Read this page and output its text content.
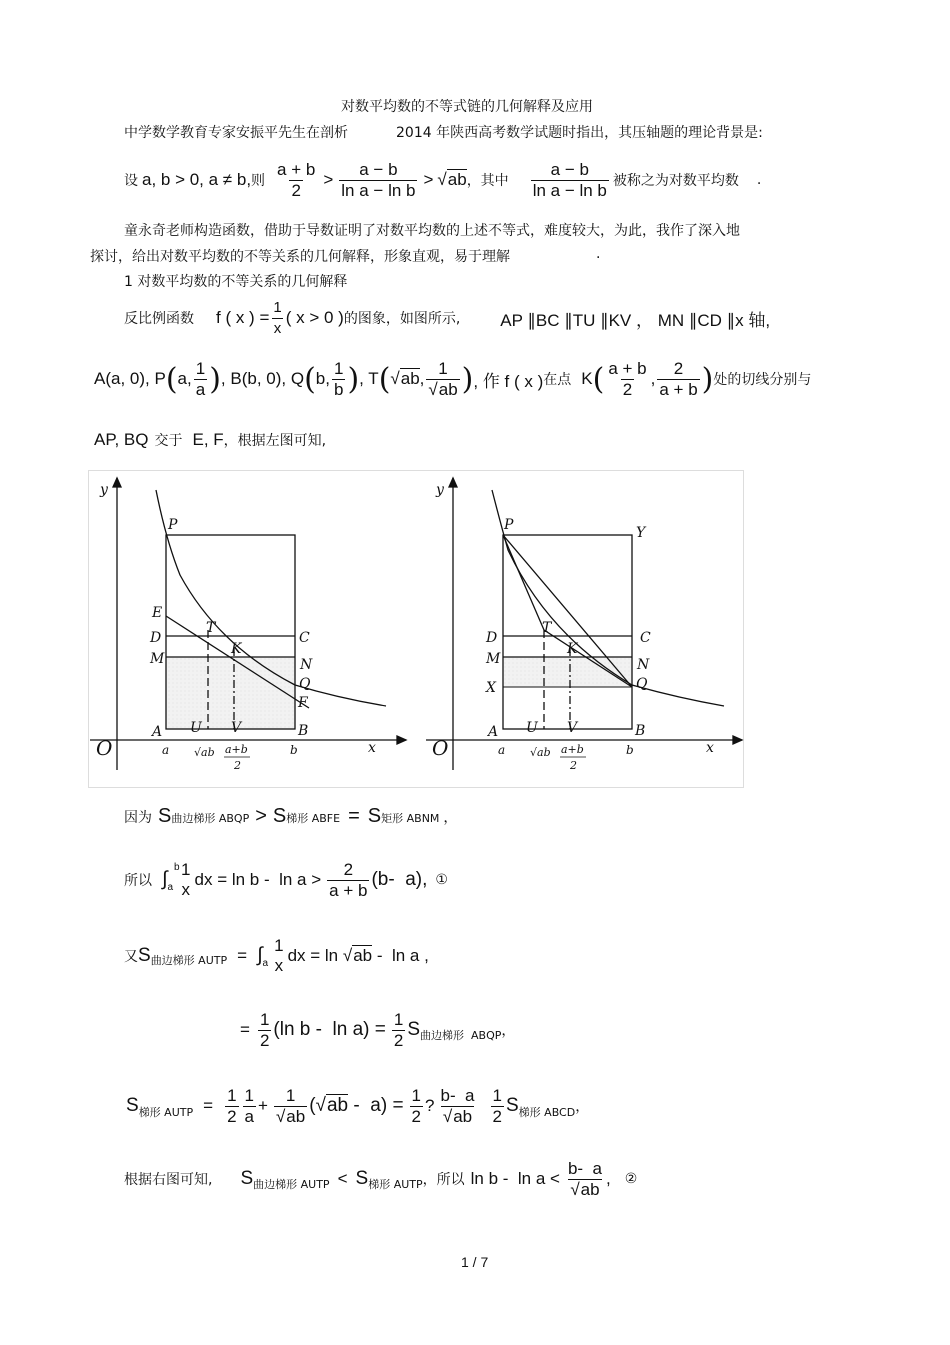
对数平均数的不等式链的几何解释及应用
中学数学教育专家安振平先生在剖析	2014 年陕西高考数学试题时指出，其压轴题的理论背景是:
设 a, b > 0, a ≠ b, 则 $\frac{a + b}{2} > \frac{a - b}{\text{ln a − ln b}}$ > √ ab ，其中 $\frac{a - b}{\text{ln a − ln b}}$ 被称之为对数平均数 .
童永奇老师构造函数，借助于导数证明了对数平均数的上述不等式，难度较大，为此，我作了深入地
探讨，给出对数平均数的不等关系的几何解释，形象直观，易于理解	.
1 对数平均数的不等关系的几何解释
反比例函数 f ( x ) = $\frac{1}{x}$ ( x > 0 ) 的图象，如图所示, AP ∥BC ∥TU ∥KV ， MN ∥CD ∥x 轴,
A(a, 0) , P ( a, $\frac{1}{a}$ ) , B(b, 0), Q ( b, $\frac{1}{b}$ ) , T ( √ ab, 1
√ ab ) , 作 f ( x ) 在点 K ( $\frac{a + b}{2}$ , $\frac{2}{a + b}$ ) 处的切线分别与
AP, BQ 交于 E, F ，根据左图可知,
y
O	x
P
E
D
M
A
T
K
C
N
Q
F
B
U V
a	b
√ab a+b
2
y
O	x
P	Y
D
M
X
A
T
K
C
N
Q
B
U V
a	b
√ab a+b
2
因为 S 曲边梯形 ABQP > S 梯形 ABFE = S 矩形 ABNM ，
所以 $\int_a$
b 1
x
dx = $\ln b - \ln a > \frac{2}{a + b} (b-$  a), ①
又 S 曲边梯形 AUTP = $\int_a$
1
x
dx = ln √ ab -  ln a ,
= $\frac{1}{2} (\ln$ $b - \ln a) = \frac{1}{2}$ S 曲边梯形  ABQP ，
S 梯形 AUTP = $\frac{1}{2} \frac{1}{a} + 1$
√ ab ( √ ab -  $a) = \frac{1}{2}$ ? b-  a
√ ab $\frac{1}{2}$ S 梯形 ABCD ，
根据右图可知, S 曲边梯形 AUTP < S 梯形 AUTP ，所以 ln b -  ln a < b-  a
√ ab , ②
1 / 7
